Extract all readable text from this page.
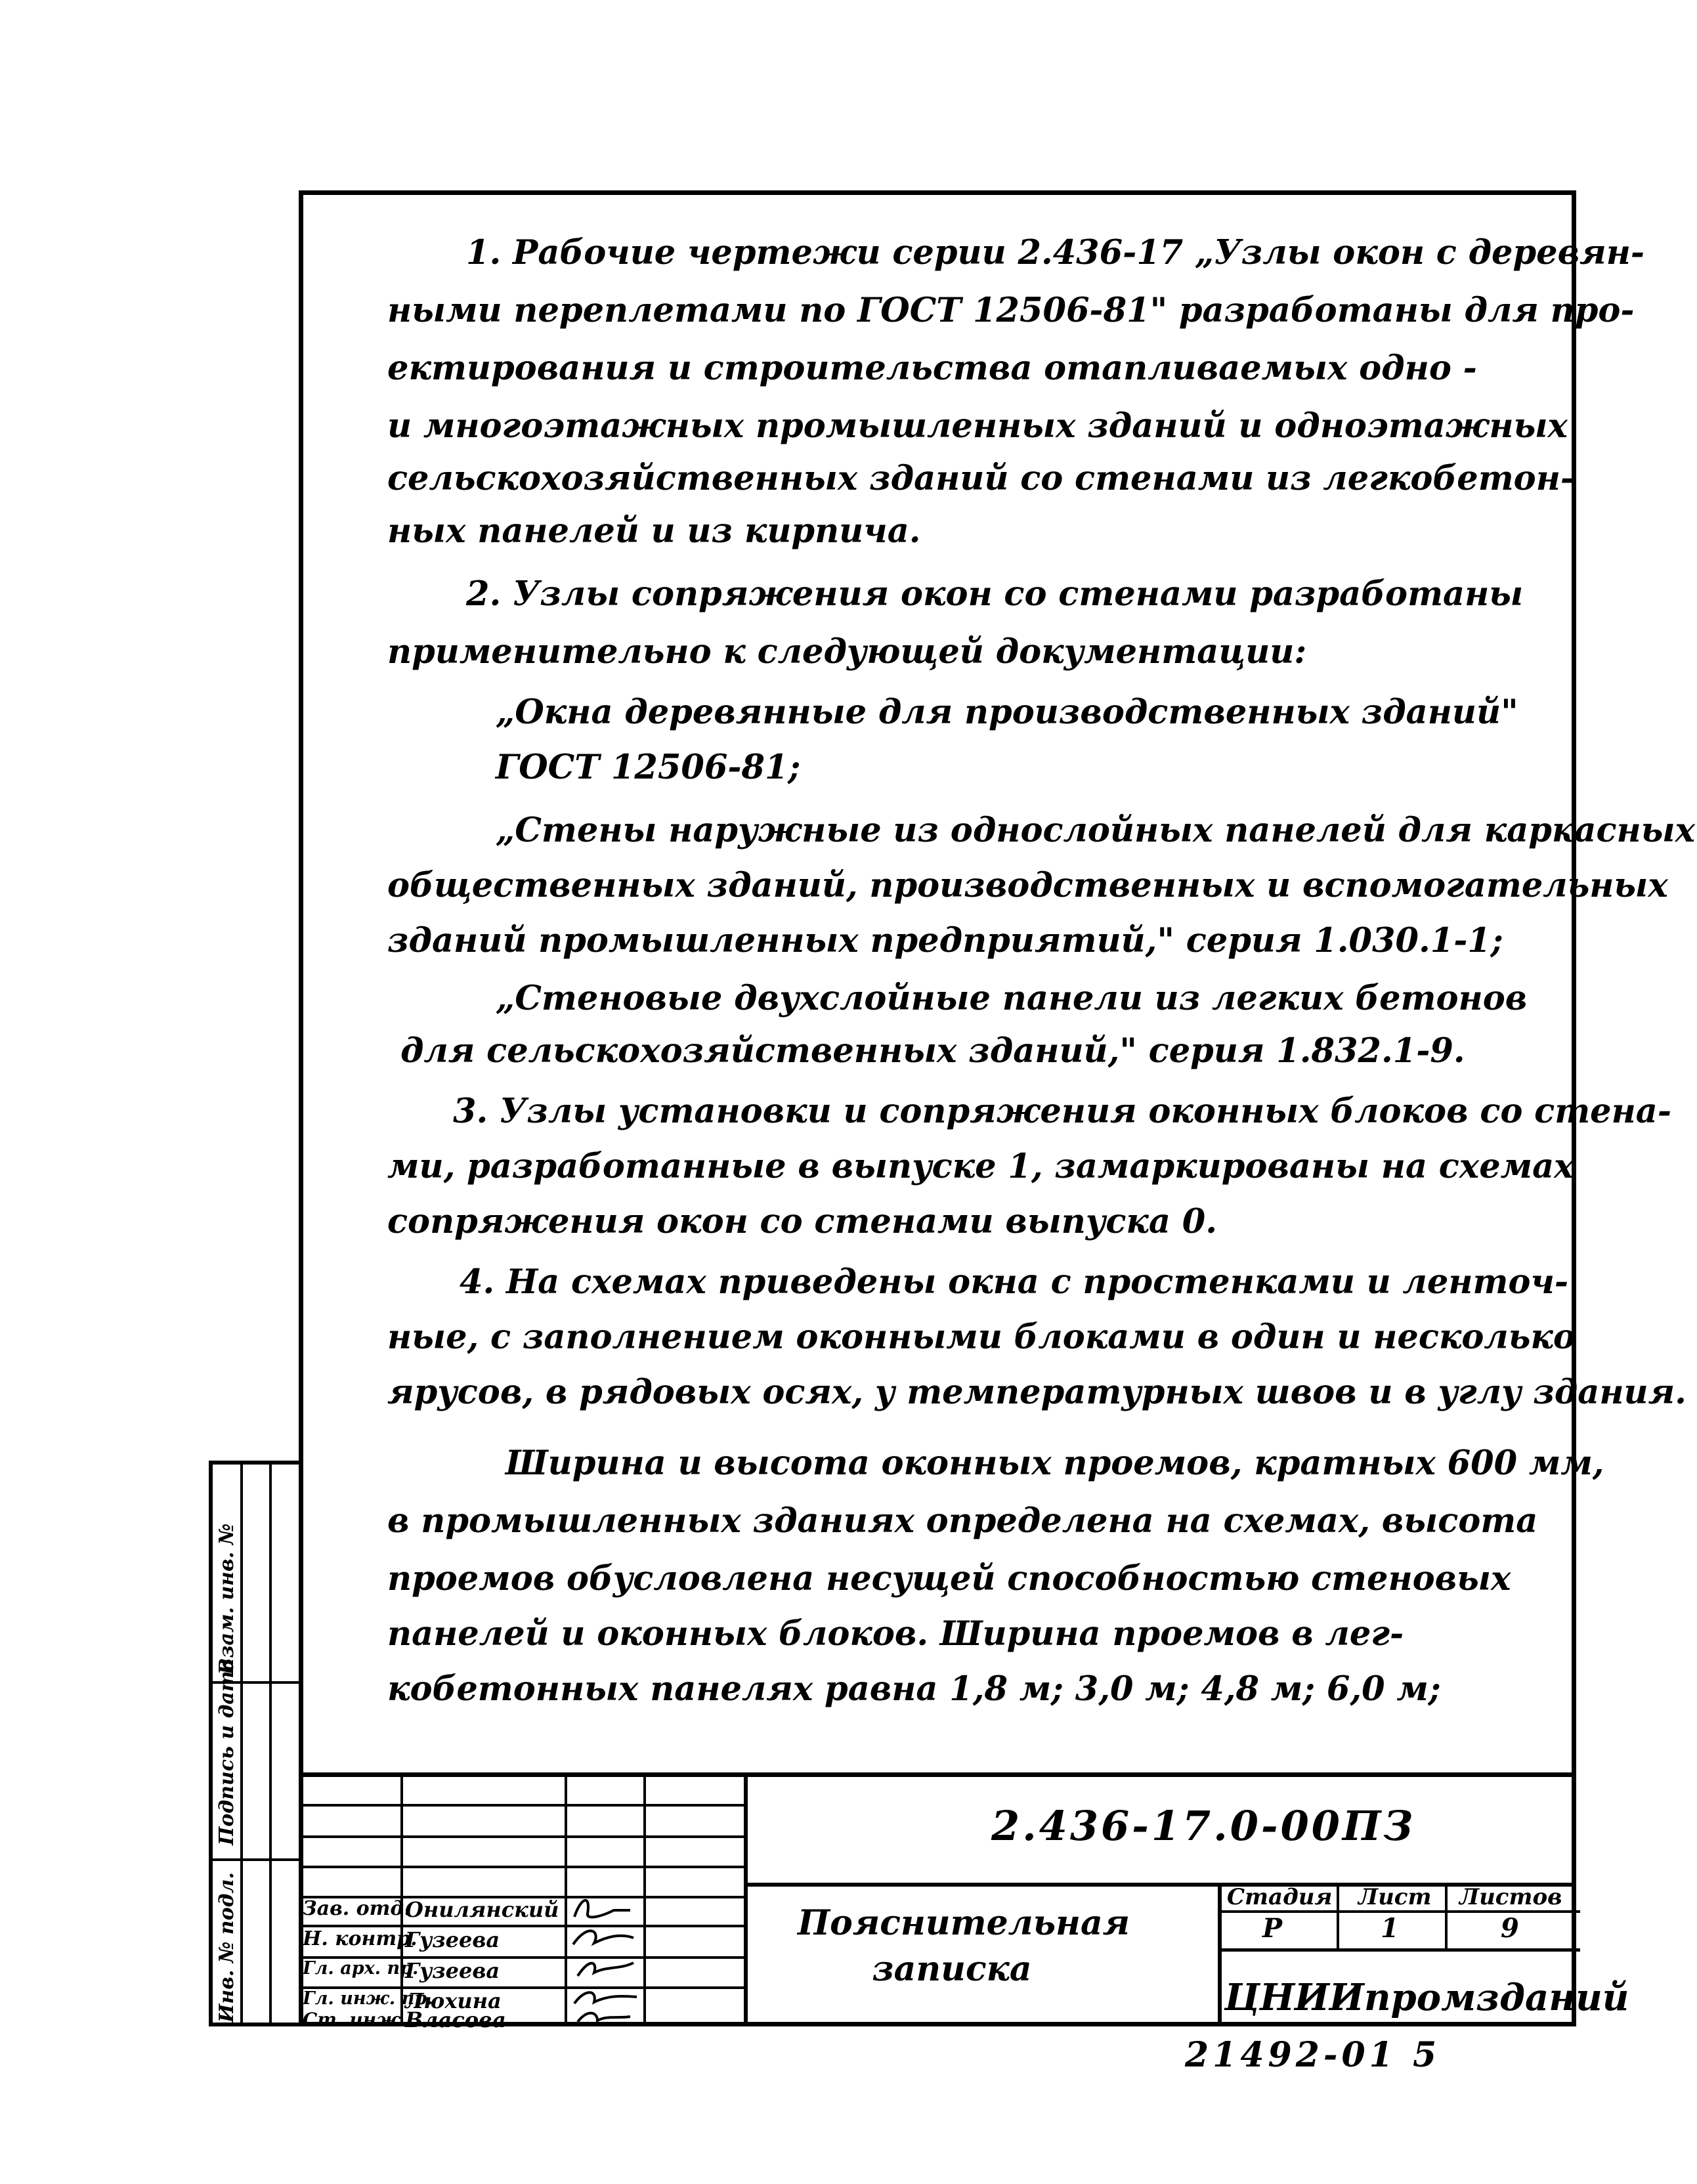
1. Рабочие чертежи серии 2.436-17 „Узлы окон с деревян-
ными переплетами по ГОСТ 12506-81" разработаны для про-
ектирования и строительства отапливаемых одно -
и многоэтажных промышленных зданий и одноэтажных
сельскохозяйственных зданий со стенами из легкобетон-
ных панелей и из кирпича.
2. Узлы сопряжения окон со стенами разработаны
применительно к следующей документации:
„Окна деревянные для производственных зданий"
ГОСТ 12506-81;
„Стены наружные из однослойных панелей для каркасных
общественных зданий, производственных и вспомогательных
зданий промышленных предприятий," серия 1.030.1-1;
„Стеновые двухслойные панели из легких бетонов
для сельскохозяйственных зданий," серия 1.832.1-9.
3. Узлы установки и сопряжения оконных блоков со стена-
ми, разработанные в выпуске 1, замаркированы на схемах
сопряжения окон со стенами выпуска 0.
4. На схемах приведены окна с простенками и ленточ-
ные, с заполнением оконными блоками в один и несколько
ярусов, в рядовых осях, у температурных швов и в углу здания.
Ширина и высота оконных проемов, кратных 600 мм,
в промышленных зданиях определена на схемах, высота
проемов обусловлена несущей способностью стеновых
панелей и оконных блоков. Ширина проемов в лег-
кобетонных панелях равна 1,8 м; 3,0 м; 4,8 м; 6,0 м;
Зав. отд.
Онилянский
Н. контр.
Гузеева
Гл. арх. пр.
Гузеева
Гл. инж. пр.
Люхина
Ст. инж.
Власова
2.436-17.0-00ПЗ
Пояснительная
записка
Стадия Лист Листов
Р	1	9
ЦНИИпромзданий
Инв. № подл.
Подпись и дата
Взам. инв. №
21492-01 5
